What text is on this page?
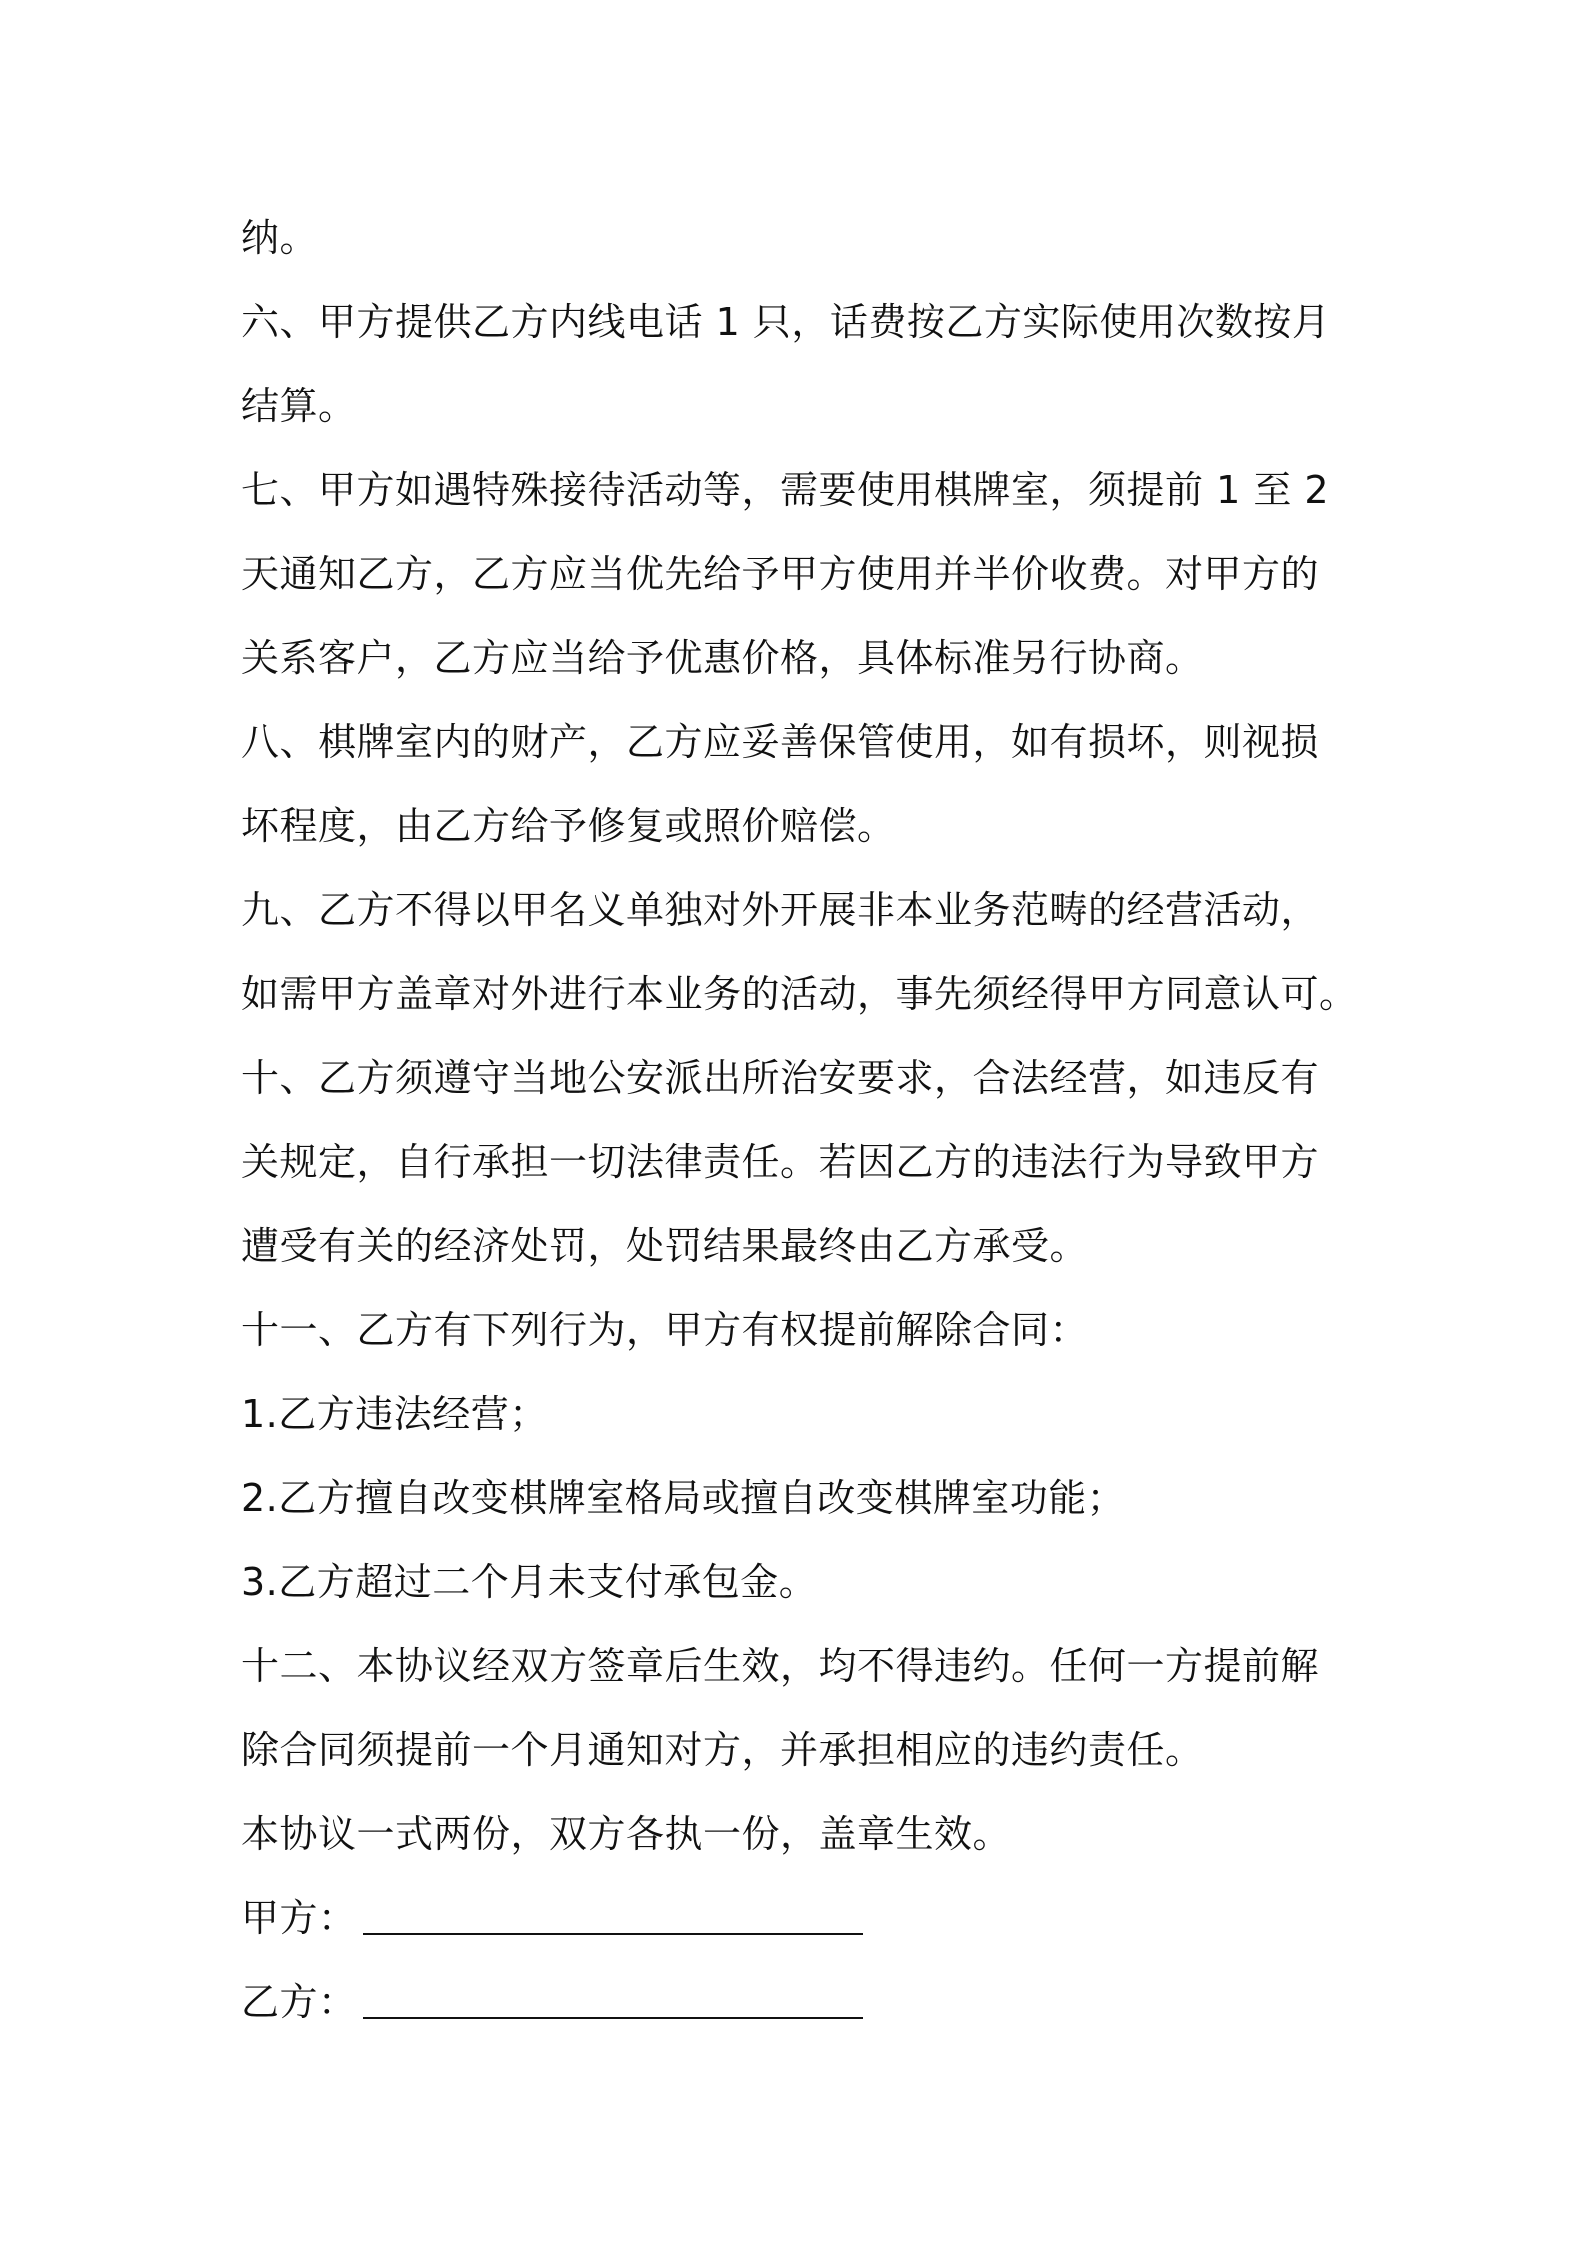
纳。
六、甲方提供乙方内线电话 1 只，话费按乙方实际使用次数按月
结算。
七、甲方如遇特殊接待活动等，需要使用棋牌室，须提前 1 至 2
天通知乙方，乙方应当优先给予甲方使用并半价收费。对甲方的
关系客户，乙方应当给予优惠价格，具体标准另行协商。
八、棋牌室内的财产，乙方应妥善保管使用，如有损坏，则视损
坏程度，由乙方给予修复或照价赔偿。
九、乙方不得以甲名义单独对外开展非本业务范畴的经营活动，
如需甲方盖章对外进行本业务的活动，事先须经得甲方同意认可。
十、乙方须遵守当地公安派出所治安要求，合法经营，如违反有
关规定，自行承担一切法律责任。若因乙方的违法行为导致甲方
遭受有关的经济处罚，处罚结果最终由乙方承受。
十一、乙方有下列行为，甲方有权提前解除合同：
1.乙方违法经营；
2.乙方擅自改变棋牌室格局或擅自改变棋牌室功能；
3.乙方超过二个月未支付承包金。
十二、本协议经双方签章后生效，均不得违约。任何一方提前解
除合同须提前一个月通知对方，并承担相应的违约责任。
本协议一式两份，双方各执一份，盖章生效。
甲方：
乙方：
